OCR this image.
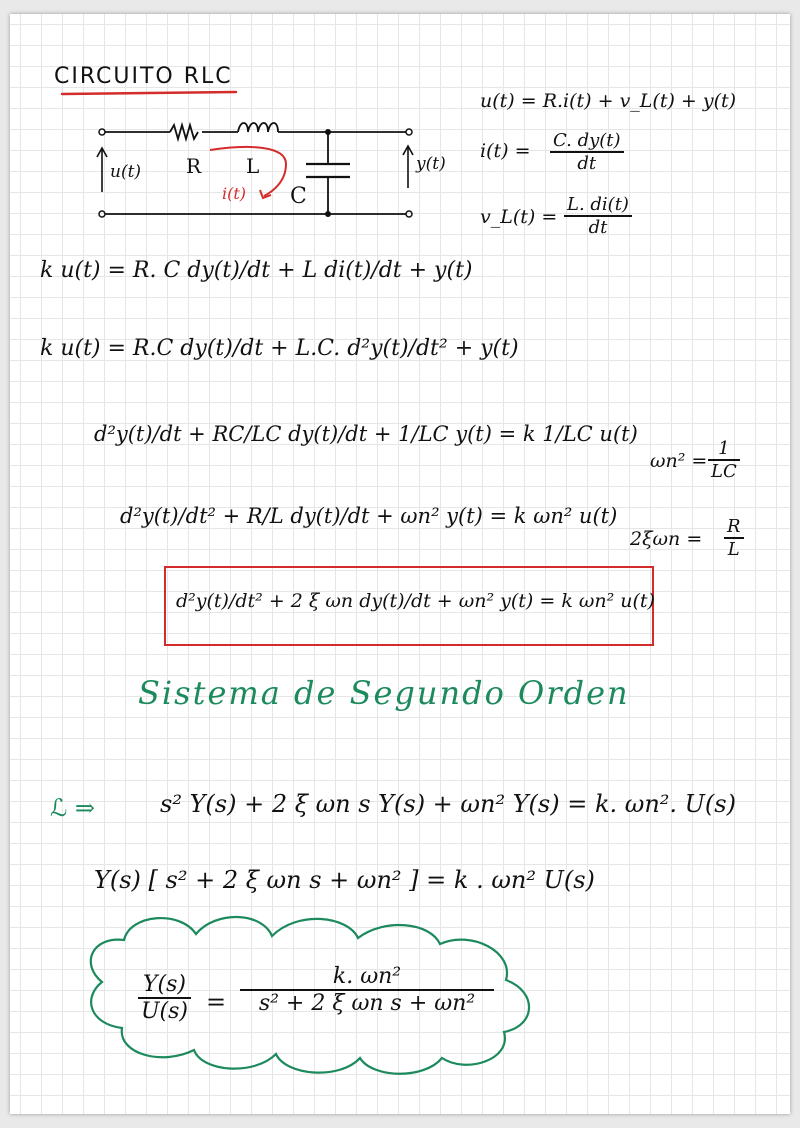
CIRCUITO RLC
R L
C
u(t)	y(t)
i(t)
u(t) = R.i(t) + v_L(t) + y(t)
$i(t) = \frac{C. dy(t)}{dt}$
v_L(t) = $\frac{L. di(t)}{dt}$
k u(t) = R. C dy(t)/dt + L di(t)/dt + y(t)
k u(t) = R.C dy(t)/dt + L.C. d²y(t)/dt² + y(t)
d²y(t)/dt + RC/LC dy(t)/dt + 1/LC y(t) = k 1/LC u(t)
$\omega n^2 = \frac{1}{LC}$
d²y(t)/dt² + R/L dy(t)/dt + ωn² y(t) = k ωn² u(t)
$2\xi\omega n = \frac{R}{L}$
d²y(t)/dt² + 2 ξ ωn dy(t)/dt + ωn² y(t) = k ωn² u(t)
Sistema de Segundo Orden
ℒ ⇒	s² Y(s) + 2 ξ ωn s Y(s) + ωn² Y(s) = k. ωn². U(s)
Y(s) [ s² + 2 ξ ωn s + ωn² ] = k . ωn² U(s)
$\frac{Y(s)}{U(s)} = \frac{\text{k. ωn²}}{\text{s² + 2 ξ ωn s + ωn²}}$
